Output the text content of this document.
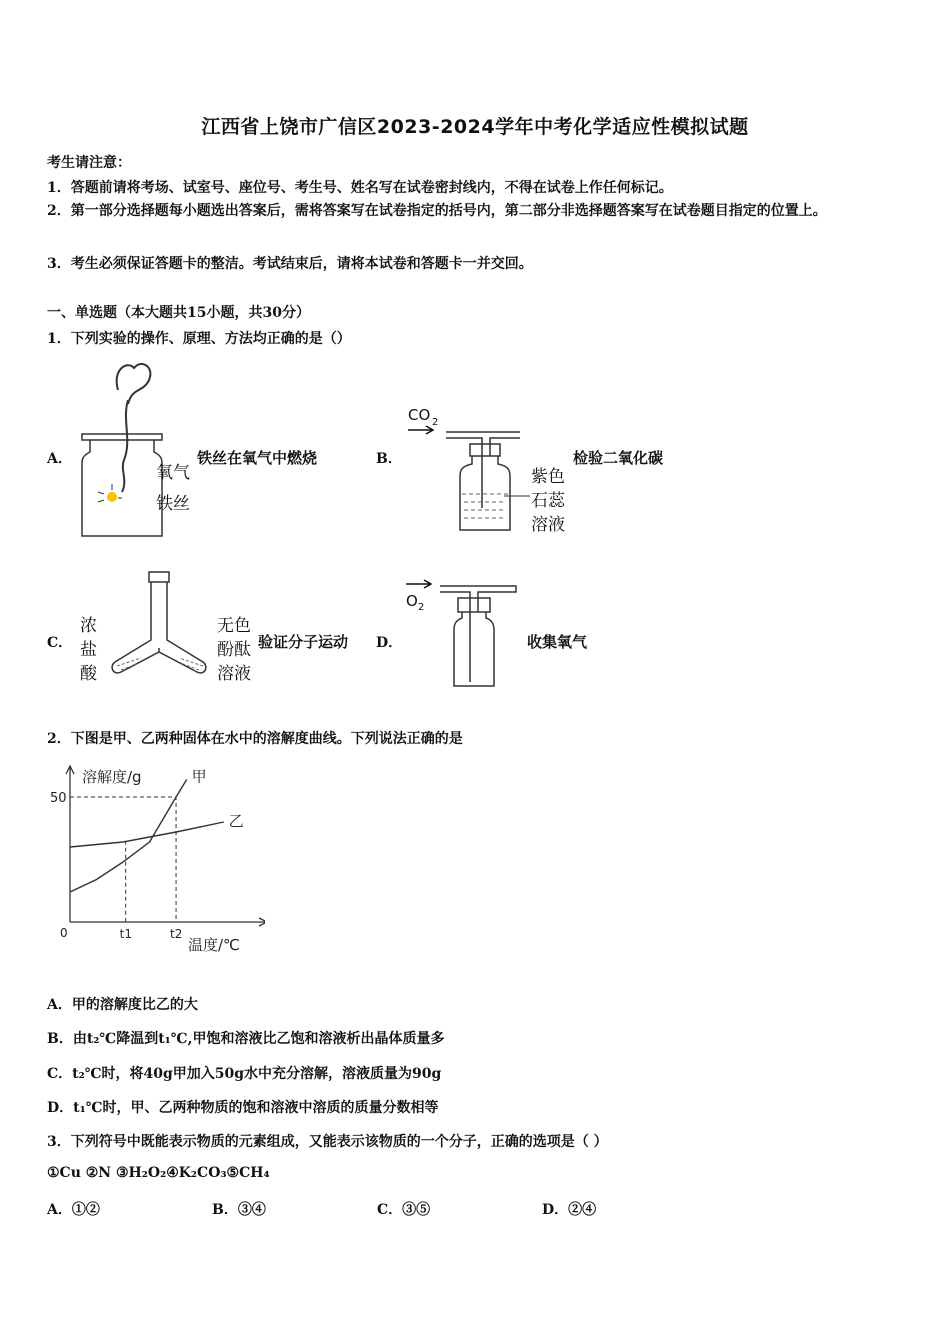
江西省上饶市广信区2023-2024学年中考化学适应性模拟试题
考生请注意：
1．答题前请将考场、试室号、座位号、考生号、姓名写在试卷密封线内，不得在试卷上作任何标记。
2．第一部分选择题每小题选出答案后，需将答案写在试卷指定的括号内，第二部分非选择题答案写在试卷题目指定的位置上。
3．考生必须保证答题卡的整洁。考试结束后，请将本试卷和答题卡一并交回。
一、单选题（本大题共15小题，共30分）
1．下列实验的操作、原理、方法均正确的是（）
A．
氧气
铁丝
铁丝在氧气中燃烧	B．
CO 2
紫色
石蕊
溶液
检验二氧化碳
C．
浓
盐
酸
无色
酚酞
溶液
验证分子运动 D．
O 2
收集氧气
2．下图是甲、乙两种固体在水中的溶解度曲线。下列说法正确的是
溶解度/g
温度/℃
0
50
甲
乙
t1	t2
A．甲的溶解度比乙的大
B．由t₂℃降温到t₁℃,甲饱和溶液比乙饱和溶液析出晶体质量多
C．t₂℃时，将40g甲加入50g水中充分溶解，溶液质量为90g
D．t₁℃时，甲、乙两种物质的饱和溶液中溶质的质量分数相等
3．下列符号中既能表示物质的元素组成，又能表示该物质的一个分子，正确的选项是（ ）
①Cu ②N ③H₂O₂④K₂CO₃⑤CH₄
A．①②	B．③④	C．③⑤	D．②④
